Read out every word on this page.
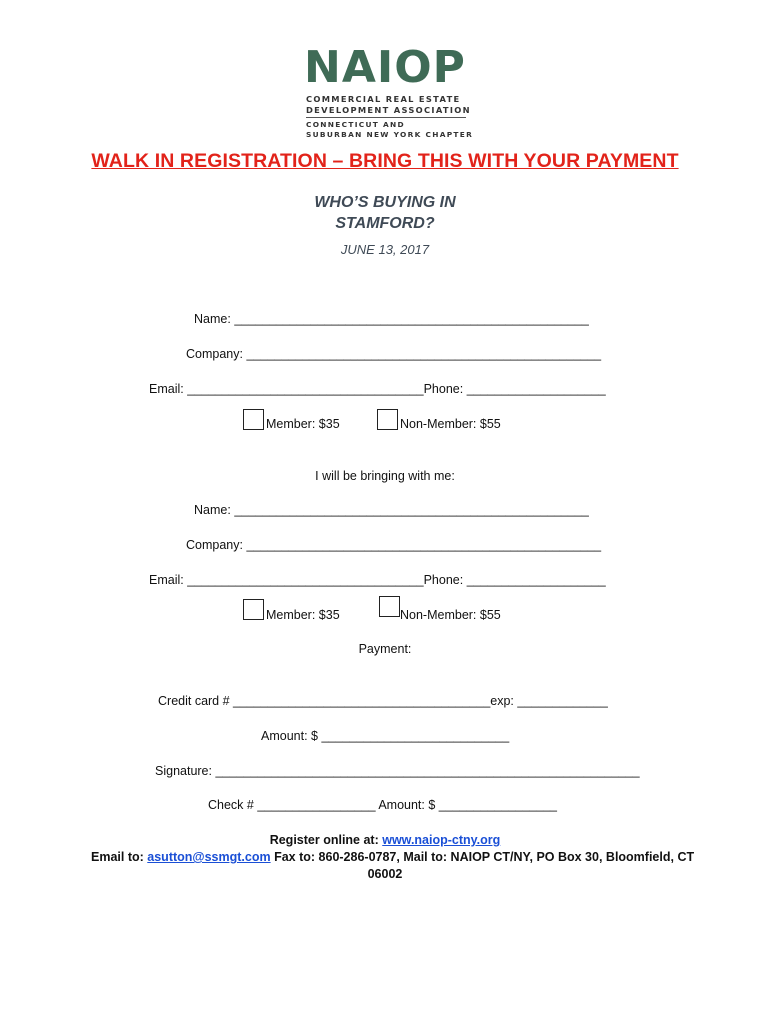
NAIOP
COMMERCIAL REAL ESTATE
DEVELOPMENT ASSOCIATION
CONNECTICUT AND
SUBURBAN NEW YORK CHAPTER
WALK IN REGISTRATION – BRING THIS WITH YOUR PAYMENT
WHO’S BUYING IN
STAMFORD?
JUNE 13, 2017
Name: ___________________________________________________
Company: ___________________________________________________
Email: __________________________________Phone: ____________________
Member: $35	Non-Member: $55
I will be bringing with me:
Name: ___________________________________________________
Company: ___________________________________________________
Email: __________________________________Phone: ____________________
Member: $35	Non-Member: $55
Payment:
Credit card # _____________________________________exp: _____________
Amount: $ ___________________________
Signature: _____________________________________________________________
Check # _________________ Amount: $ _________________
Register online at: www.naiop-ctny.org
Email to: asutton@ssmgt.com Fax to: 860-286-0787, Mail to: NAIOP CT/NY, PO Box 30, Bloomfield, CT
06002
